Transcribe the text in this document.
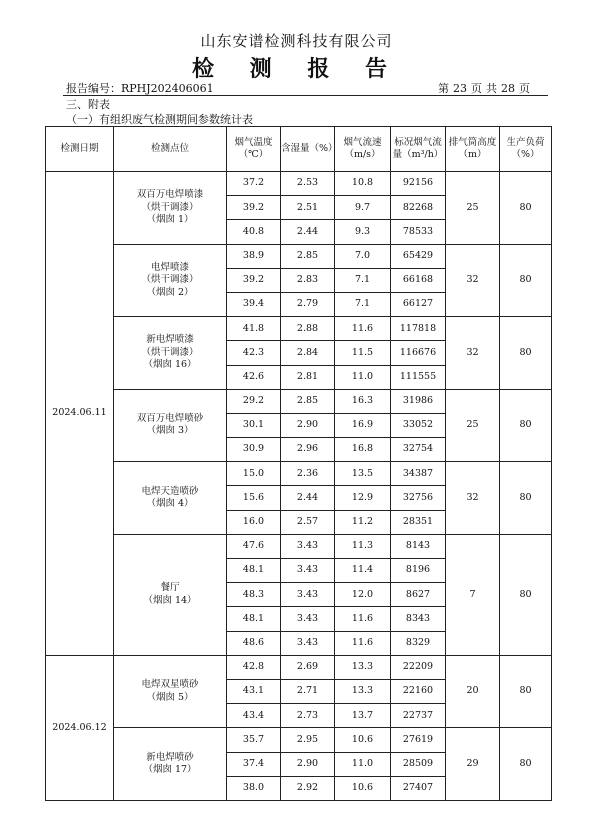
山东安谱检测科技有限公司
检 测 报 告
报告编号：RPHJ202406061	第 23 页 共 28 页
三、附表
（一）有组织废气检测期间参数统计表
检测日期	检测点位	烟气温度（℃）	含湿量（%）	烟气流速（m/s）	标况烟气流量（m³/h）	排气筒高度（m）	生产负荷（%）
2024.06.11	双百万电焊喷漆
（烘干调漆）
（烟囱 1）	37.2	2.53	10.8	92156	25	80
		39.2	2.51	9.7	82268		
		40.8	2.44	9.3	78533		

	电焊喷漆
（烘干调漆）
（烟囱 2）	38.9	2.85	7.0	65429	32	80
		39.2	2.83	7.1	66168		
		39.4	2.79	7.1	66127		

	新电焊喷漆
（烘干调漆）
（烟囱 16）	41.8	2.88	11.6	117818	32	80
		42.3	2.84	11.5	116676		
		42.6	2.81	11.0	111555		

	双百万电焊喷砂
（烟囱 3）	29.2	2.85	16.3	31986	25	80
		30.1	2.90	16.9	33052		
		30.9	2.96	16.8	32754		

	电焊天造喷砂
（烟囱 4）	15.0	2.36	13.5	34387	32	80
		15.6	2.44	12.9	32756		
		16.0	2.57	11.2	28351		

	餐厅
（烟囱 14）	47.6	3.43	11.3	8143	7	80
		48.1	3.43	11.4	8196		
		48.3	3.43	12.0	8627		
		48.1	3.43	11.6	8343		
		48.6	3.43	11.6	8329		
2024.06.12	电焊双星喷砂
（烟囱 5）	42.8	2.69	13.3	22209	20	80
		43.1	2.71	13.3	22160		
		43.4	2.73	13.7	22737		

	新电焊喷砂
（烟囱 17）	35.7	2.95	10.6	27619	29	80
		37.4	2.90	11.0	28509		
		38.0	2.92	10.6	27407		
